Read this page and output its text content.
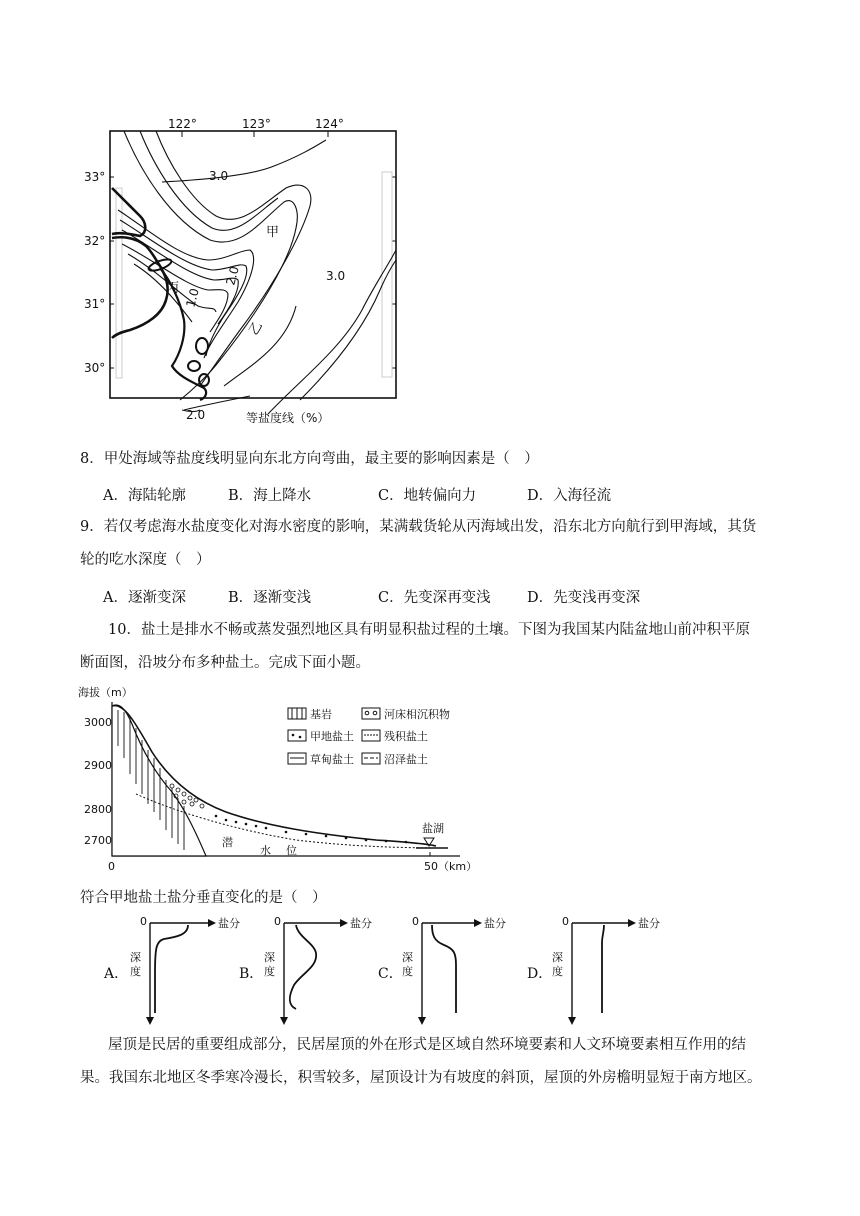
122°	123°	124°
33°
32°
31°
30°
3.0
3.0
2.0
2.0
1.0
甲
乙
丙
等盐度线（%）
8．甲处海域等盐度线明显向东北方向弯曲，最主要的影响因素是（　）
A．海陆轮廓	B．海上降水	C．地转偏向力	D．入海径流
9．若仅考虑海水盐度变化对海水密度的影响，某满载货轮从丙海域出发，沿东北方向航行到甲海域，其货
轮的吃水深度（　）
A．逐渐变深	B．逐渐变浅	C．先变深再变浅	D．先变浅再变深
10．盐土是排水不畅或蒸发强烈地区具有明显积盐过程的土壤。下图为我国某内陆盆地山前冲积平原
断面图，沿坡分布多种盐土。完成下面小题。
海拔（m）
3000
2900
2800
2700
0	50（km）
潜
水 位
盐湖
基岩	河床相沉积物
甲地盐土	残积盐土
草甸盐土	沼泽盐土
符合甲地盐土盐分垂直变化的是（　）
A．
0	盐分
深
度	B．
0	盐分
深
度	C．
0	盐分
深
度	D．
0	盐分
深
度
屋顶是民居的重要组成部分，民居屋顶的外在形式是区域自然环境要素和人文环境要素相互作用的结
果。我国东北地区冬季寒冷漫长，积雪较多，屋顶设计为有坡度的斜顶，屋顶的外房檐明显短于南方地区。
